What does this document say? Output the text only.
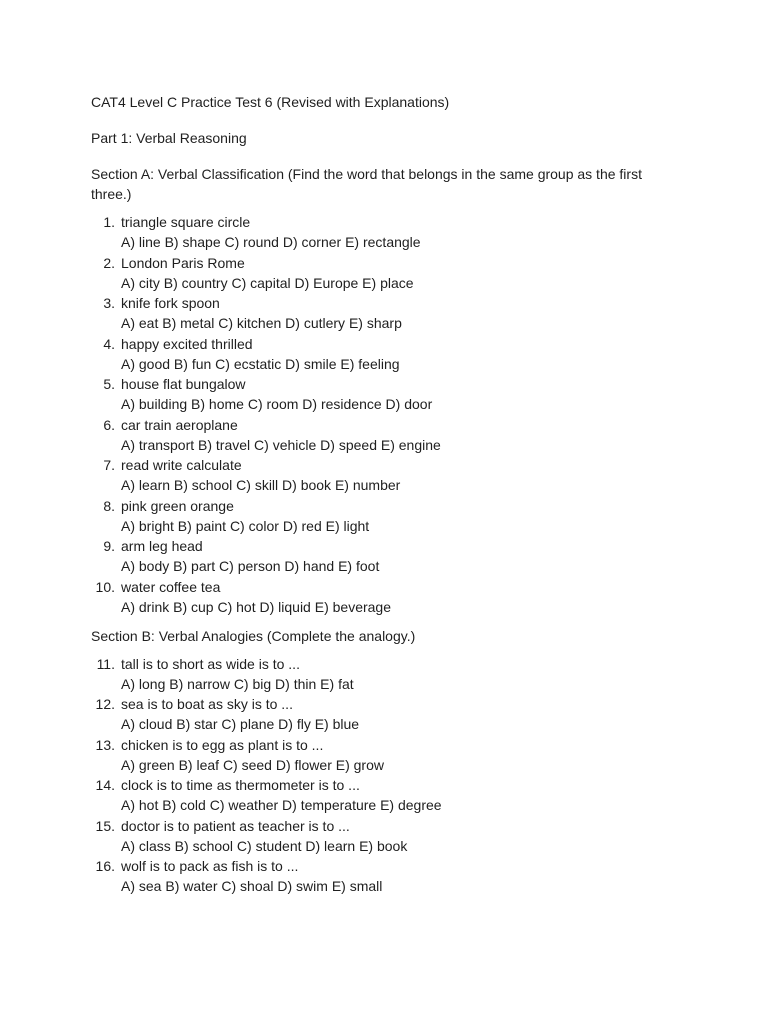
CAT4 Level C Practice Test 6 (Revised with Explanations)
Part 1: Verbal Reasoning
Section A: Verbal Classification (Find the word that belongs in the same group as the first three.)
1. triangle square circle
A) line B) shape C) round D) corner E) rectangle
2. London Paris Rome
A) city B) country C) capital D) Europe E) place
3. knife fork spoon
A) eat B) metal C) kitchen D) cutlery E) sharp
4. happy excited thrilled
A) good B) fun C) ecstatic D) smile E) feeling
5. house flat bungalow
A) building B) home C) room D) residence D) door
6. car train aeroplane
A) transport B) travel C) vehicle D) speed E) engine
7. read write calculate
A) learn B) school C) skill D) book E) number
8. pink green orange
A) bright B) paint C) color D) red E) light
9. arm leg head
A) body B) part C) person D) hand E) foot
10. water coffee tea
A) drink B) cup C) hot D) liquid E) beverage
Section B: Verbal Analogies (Complete the analogy.)
11. tall is to short as wide is to ...
A) long B) narrow C) big D) thin E) fat
12. sea is to boat as sky is to ...
A) cloud B) star C) plane D) fly E) blue
13. chicken is to egg as plant is to ...
A) green B) leaf C) seed D) flower E) grow
14. clock is to time as thermometer is to ...
A) hot B) cold C) weather D) temperature E) degree
15. doctor is to patient as teacher is to ...
A) class B) school C) student D) learn E) book
16. wolf is to pack as fish is to ...
A) sea B) water C) shoal D) swim E) small
